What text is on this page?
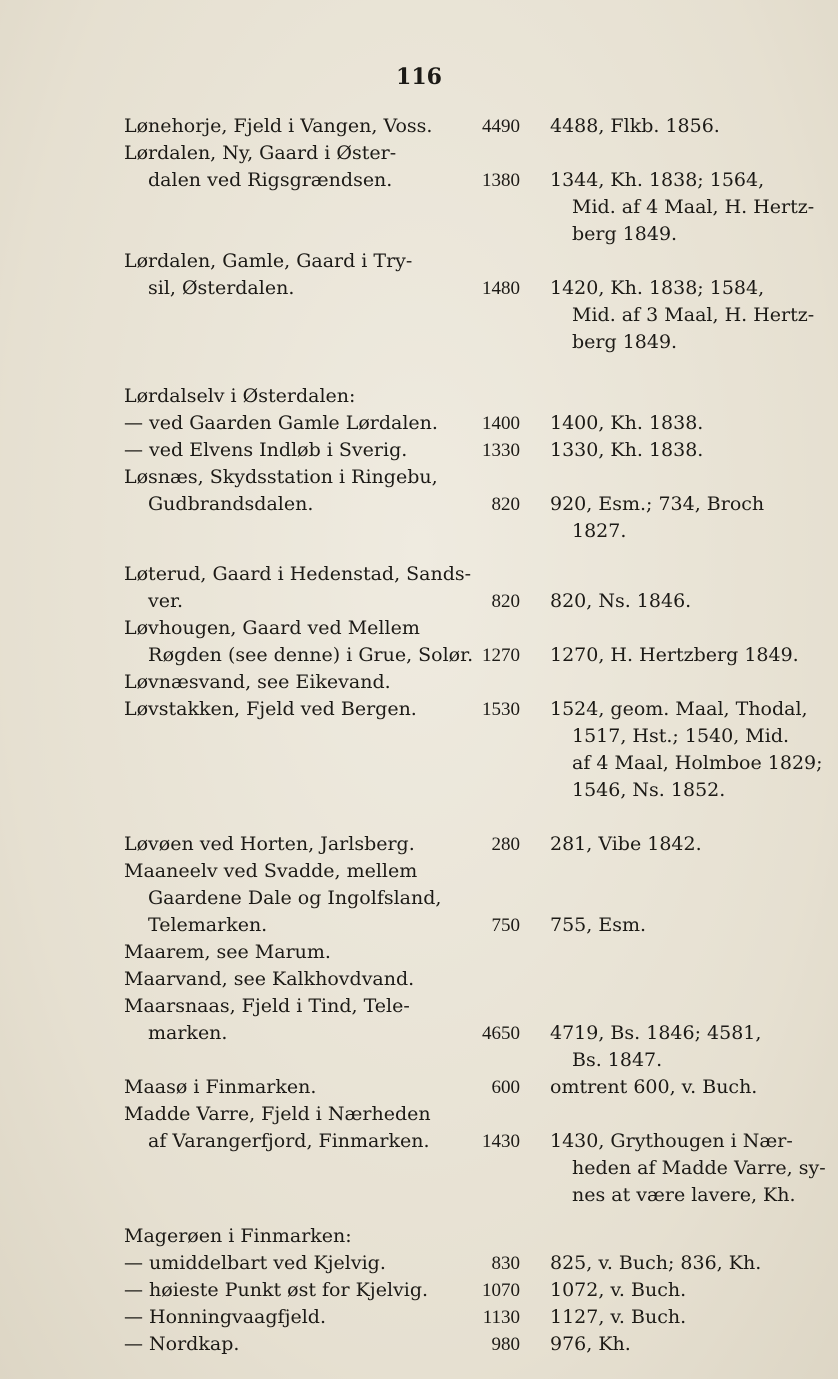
116
Lønehorje, Fjeld i Vangen, Voss.	4490 4488, Flkb. 1856.
Lørdalen, Ny, Gaard i Øster-
dalen ved Rigsgrændsen.	1380 1344, Kh. 1838; 1564,
Mid. af 4 Maal, H. Hertz-
berg 1849.
Lørdalen, Gamle, Gaard i Try-
sil, Østerdalen.	1480 1420, Kh. 1838; 1584,
Mid. af 3 Maal, H. Hertz-
berg 1849.
Lørdalselv i Østerdalen:
— ved Gaarden Gamle Lørdalen.	1400 1400, Kh. 1838.
— ved Elvens Indløb i Sverig.	1330 1330, Kh. 1838.
Løsnæs, Skydsstation i Ringebu,
Gudbrandsdalen.	820 920, Esm.; 734, Broch
1827.
Løterud, Gaard i Hedenstad, Sands-
ver.	820 820, Ns. 1846.
Løvhougen, Gaard ved Mellem
Røgden (see denne) i Grue, Solør. 1270 1270, H. Hertzberg 1849.
Løvnæsvand, see Eikevand.
Løvstakken, Fjeld ved Bergen.	1530 1524, geom. Maal, Thodal,
1517, Hst.; 1540, Mid.
af 4 Maal, Holmboe 1829;
1546, Ns. 1852.
Løvøen ved Horten, Jarlsberg.	280 281, Vibe 1842.
Maaneelv ved Svadde, mellem
Gaardene Dale og Ingolfsland,
Telemarken.	750 755, Esm.
Maarem, see Marum.
Maarvand, see Kalkhovdvand.
Maarsnaas, Fjeld i Tind, Tele-
marken.	4650 4719, Bs. 1846; 4581,
Bs. 1847.
Maasø i Finmarken.	600 omtrent 600, v. Buch.
Madde Varre, Fjeld i Nærheden
af Varangerfjord, Finmarken.	1430 1430, Grythougen i Nær-
heden af Madde Varre, sy-
nes at være lavere, Kh.
Magerøen i Finmarken:
— umiddelbart ved Kjelvig.	830 825, v. Buch; 836, Kh.
— høieste Punkt øst for Kjelvig.	1070 1072, v. Buch.
— Honningvaagfjeld.	1130 1127, v. Buch.
— Nordkap.	980 976, Kh.
